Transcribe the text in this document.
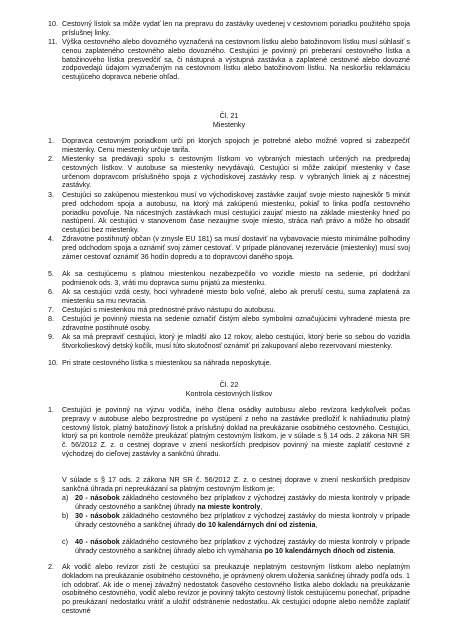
10. Cestovný lístok sa môže vydať len na prepravu do zastávky uvedenej v cestovnom poriadku použitého spoja príslušnej linky.
11. Výška cestovného alebo dovozného vyznačená na cestovnom lístku alebo batožinovom lístku musí súhlasiť s cenou zaplateného cestovného alebo dovozného. Cestujúci je povinný pri preberaní cestovného lístka a batožinového lístka presvedčiť sa, či nástupná a výstupná zastávka a zaplatené cestovné alebo dovozné zodpovedajú údajom vyznačeným na cestovnom lístku alebo batožinovom lístku. Na neskoršiu reklamáciu cestujúceho dopravca neberie ohľad.
Čl. 21
Miestenky
1.	Dopravca cestovným poriadkom určí pri ktorých spojoch je potrebné alebo možné vopred si zabezpečiť miestenky. Cenu miestenky určuje tarifa.
2.	Miestenky sa predávajú spolu s cestovným lístkom vo vybraných miestach určených na predpredaj cestovných lístkov. V autobuse sa miestenky nevydávajú. Cestujúci si môže zakúpiť miestenky v čase určenom dopravcom príslušného spoja z východiskovej zastávky resp. v vybraných liniek aj z nácestnej zastávky.
3.	Cestujúci so zakúpenou miestenkou musí vo východiskovej zastávke zaujať svoje miesto najneskôr 5 minút pred odchodom spoja a autobusu, na ktorý má zakúpenú miestenku, pokiaľ to linka podľa cestovného poriadku povoľuje. Na nácestných zastávkach musí cestujúci zaujať miesto na základe miestenky hneď po nastúpení. Ak cestujúci v stanovenom čase nezaujme svoje miesto, stráca naň právo a môže ho obsadiť cestujúci bez miestenky.
4.	Zdravotne postihnutý občan (v zmysle EU 181) sa musí dostaviť na vybavovacie miesto minimálne polhodiny pred odchodom spoja a oznámiť svoj zámer cestovať. V prípade plánovanej rezervácie (miestenky) musí svoj zámer cestovať oznámiť 36 hodín dopredu a to dopravcovi daného spoja.
5.	Ak sa cestujúcemu s platnou miestenkou nezabezpečilo vo vozidle miesto na sedenie, pri dodržaní podmienok ods. 3, vráti mu dopravca sumu prijatú za miestenku.
6.	Ak sa cestujúci vzdá cesty, hoci vyhradené miesto bolo voľné, alebo ak preruší cestu, suma zaplatená za miestenku sa mu nevracia.
7.	Cestujúci s miestenkou má prednostné právo nástupu do autobusu.
8.	Cestujúci je povinný miesta na sedenie označiť čistým alebo symbolmi označujúcimi vyhradené miesta pre zdravotne postihnuté osoby.
9.	Ak sa má prepraviť cestujúci, ktorý je mladší ako 12 rokov, alebo cestujúci, ktorý berie so sebou do vozidla štvorkolieskový detský kočík, musí túto skutočnosť oznámiť pri zakupovaní alebo rezervovaní miestenky.
10. Pri strate cestovného lístka s miestenkou sa náhrada neposkytuje.
Čl. 22
Kontrola cestovných lístkov
1.	Cestujúci je povinný na výzvu vodiča, iného člena osádky autobusu alebo revízora kedykoľvek počas prepravy v autobuse alebo bezprostredne po vystúpení z neho na zastávke predložiť k nahliadnutiu platný cestovný lístok, platný batožinový lístok a príslušný doklad na preukázanie osobitného cestovného. Cestujúci, ktorý sa pri kontrole nemôže preukázať platným cestovným lístkom, je v súlade s § 14 ods. 2 zákona NR SR č. 56/2012 Z. z. o cestnej doprave v znení neskorších predpisov povinný na mieste zaplatiť cestovné z východzej do cieľovej zastávky a sankčnú úhradu.
V súlade s § 17 ods. 2 zákona NR SR č. 56/2012 Z. z. o cestnej doprave v znení neskorších predpisov sankčná úhrada pri nepreukázaní sa platným cestovným lístkom je:
a) 20 - násobok základného cestovného bez príplatkov z východzej zastávky do miesta kontroly v prípade úhrady cestovného a sankčnej úhrady na mieste kontroly,
b) 30 - násobok základného cestovného bez príplatkov z východzej zastávky do miesta kontroly v prípade úhrady cestovného a sankčnej úhrady do 10 kalendárnych dní od zistenia,
c) 40 - násobok základného cestovného bez príplatkov z východzej zastávky do miesta kontroly v prípade úhrady cestovného a sankčnej úhrady alebo ich vymáhania po 10 kalendárnych dňoch od zistenia.
2.	Ak vodič alebo revízor zistí že cestujúci sa preukazuje neplatným cestovným lístkom alebo neplatným dokladom na preukázanie osobitného cestovného, je oprávnený okrem uloženia sankčnej úhrady podľa ods. 1 ich odobrať. Ak ide o menej závažný nedostatok časového cestovného lístka alebo dokladu na preukázanie osobitného cestovného, vodič alebo revízor je povinný takýto cestovný lístok cestujúcemu ponechať, prípadne po preukázaní nedostatku vrátiť a uložiť odstránenie nedostatku. Ak cestujúci odoprie alebo nemôže zaplatiť cestovné
